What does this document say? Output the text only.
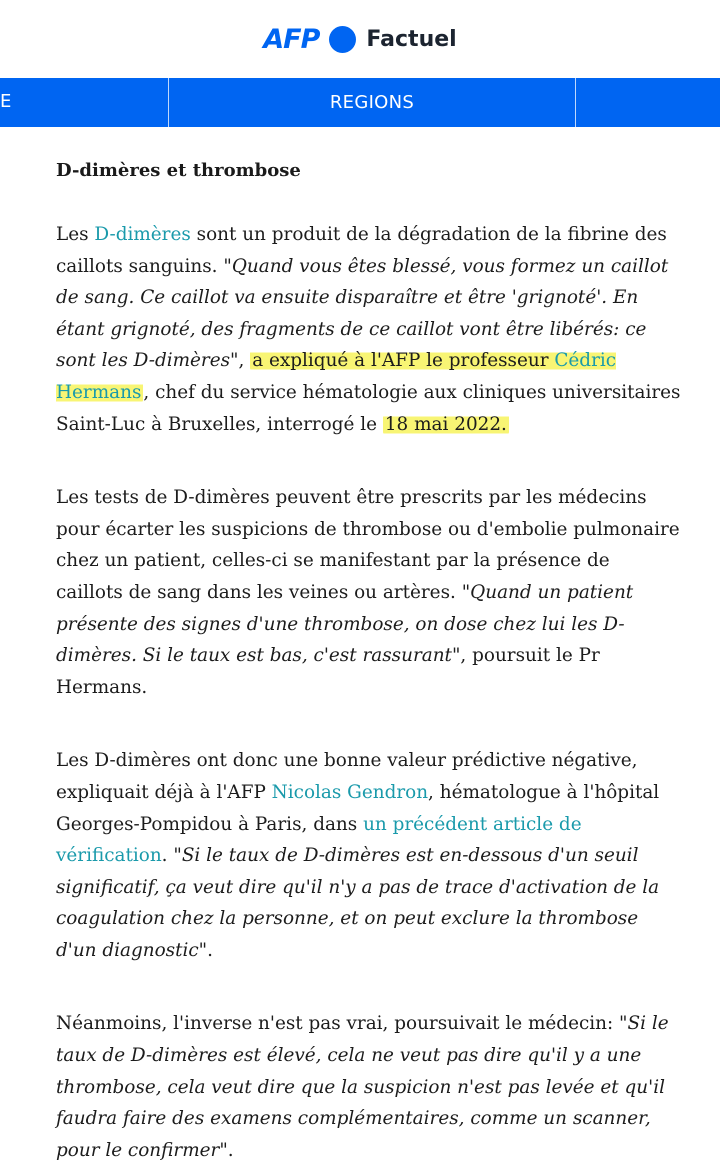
AFP Factuel
E	REGIONS
D-dimères et thrombose

Les D-dimères sont un produit de la dégradation de la fibrine des caillots sanguins. "Quand vous êtes blessé, vous formez un caillot de sang. Ce caillot va ensuite disparaître et être 'grignoté'. En étant grignoté, des fragments de ce caillot vont être libérés: ce sont les D-dimères", a expliqué à l'AFP le professeur Cédric Hermans , chef du service hématologie aux cliniques universitaires Saint-Luc à Bruxelles, interrogé le 18 mai 2022.

Les tests de D-dimères peuvent être prescrits par les médecins pour écarter les suspicions de thrombose ou d'embolie pulmonaire chez un patient, celles-ci se manifestant par la présence de caillots de sang dans les veines ou artères. "Quand un patient présente des signes d'une thrombose, on dose chez lui les D-dimères. Si le taux est bas, c'est rassurant", poursuit le Pr Hermans.

Les D-dimères ont donc une bonne valeur prédictive négative, expliquait déjà à l'AFP Nicolas Gendron, hématologue à l'hôpital Georges-Pompidou à Paris, dans un précédent article de vérification. "Si le taux de D-dimères est en-dessous d'un seuil significatif, ça veut dire qu'il n'y a pas de trace d'activation de la coagulation chez la personne, et on peut exclure la thrombose d'un diagnostic".

Néanmoins, l'inverse n'est pas vrai, poursuivait le médecin: "Si le taux de D-dimères est élevé, cela ne veut pas dire qu'il y a une thrombose, cela veut dire que la suspicion n'est pas levée et qu'il faudra faire des examens complémentaires, comme un scanner, pour le confirmer".
